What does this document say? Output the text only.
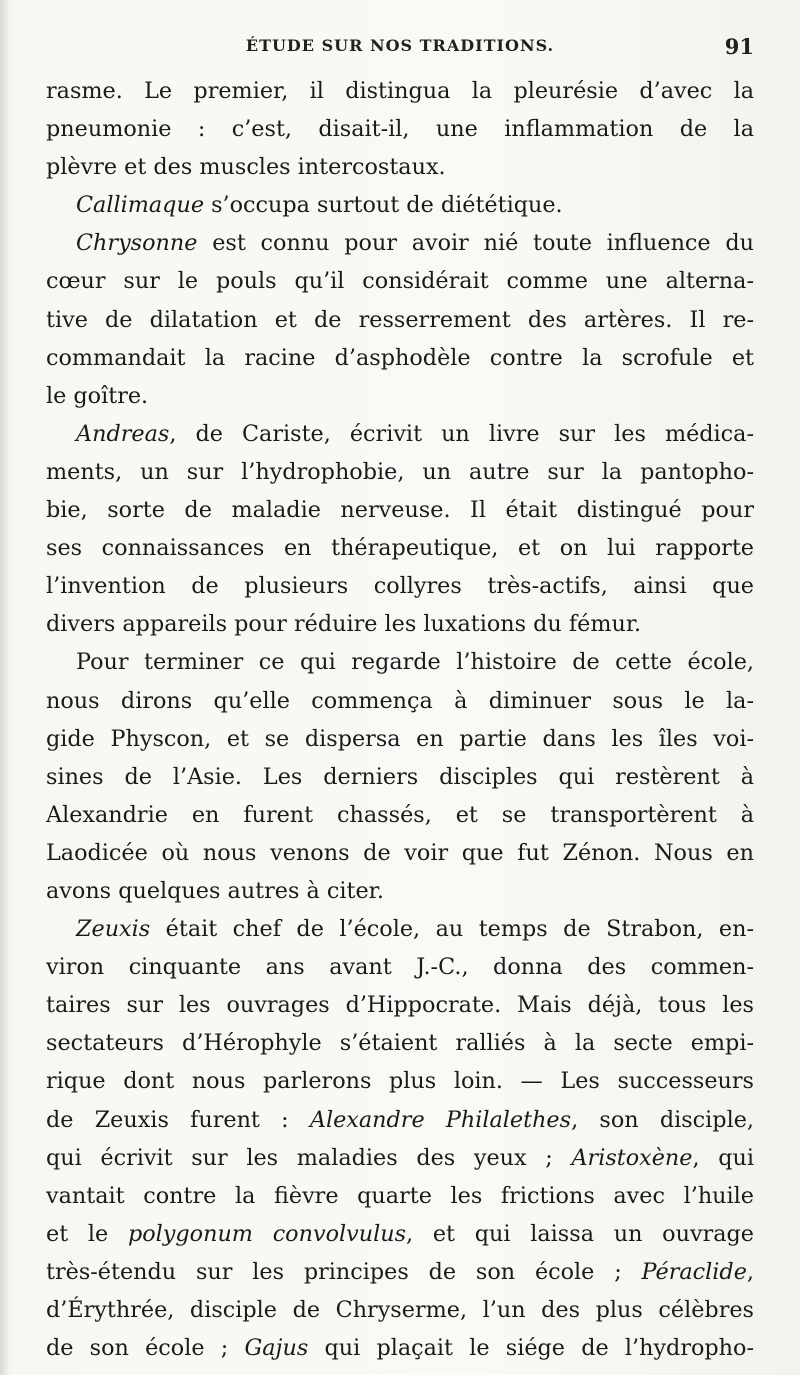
ÉTUDE SUR NOS TRADITIONS.	91
rasme. Le premier, il distingua la pleurésie d’avec la
pneumonie : c’est, disait-il, une inflammation de la
plèvre et des muscles intercostaux.
Callimaque s’occupa surtout de diététique.
Chrysonne est connu pour avoir nié toute influence du
cœur sur le pouls qu’il considérait comme une alterna-
tive de dilatation et de resserrement des artères. Il re-
commandait la racine d’asphodèle contre la scrofule et
le goître.
Andreas, de Cariste, écrivit un livre sur les médica-
ments, un sur l’hydrophobie, un autre sur la pantopho-
bie, sorte de maladie nerveuse. Il était distingué pour
ses connaissances en thérapeutique, et on lui rapporte
l’invention de plusieurs collyres très-actifs, ainsi que
divers appareils pour réduire les luxations du fémur.
Pour terminer ce qui regarde l’histoire de cette école,
nous dirons qu’elle commença à diminuer sous le la-
gide Physcon, et se dispersa en partie dans les îles voi-
sines de l’Asie. Les derniers disciples qui restèrent à
Alexandrie en furent chassés, et se transportèrent à
Laodicée où nous venons de voir que fut Zénon. Nous en
avons quelques autres à citer.
Zeuxis était chef de l’école, au temps de Strabon, en-
viron cinquante ans avant J.-C., donna des commen-
taires sur les ouvrages d’Hippocrate. Mais déjà, tous les
sectateurs d’Hérophyle s’étaient ralliés à la secte empi-
rique dont nous parlerons plus loin. — Les successeurs
de Zeuxis furent : Alexandre Philalethes, son disciple,
qui écrivit sur les maladies des yeux ; Aristoxène, qui
vantait contre la fièvre quarte les frictions avec l’huile
et le polygonum convolvulus, et qui laissa un ouvrage
très-étendu sur les principes de son école ; Péraclide,
d’Érythrée, disciple de Chryserme, l’un des plus célèbres
de son école ; Gajus qui plaçait le siége de l’hydropho-
